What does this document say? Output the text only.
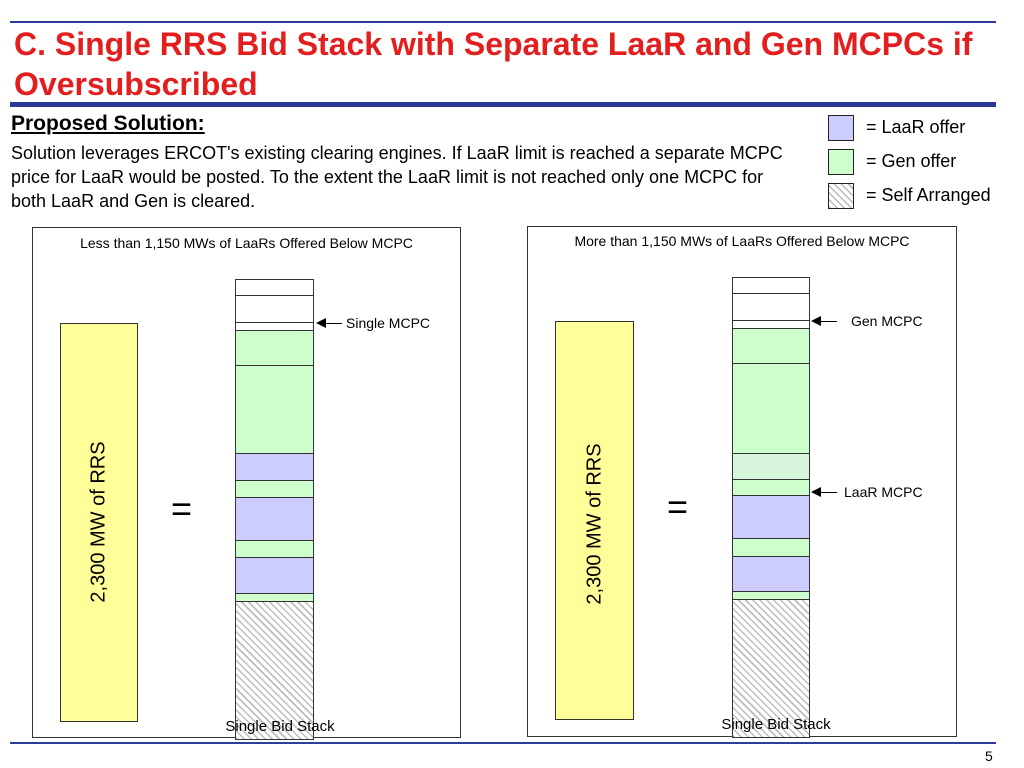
C. Single RRS Bid Stack with Separate LaaR and Gen MCPCs if Oversubscribed
Proposed Solution:
Solution leverages ERCOT's existing clearing engines. If LaaR limit is reached a separate MCPC price for LaaR would be posted. To the extent the LaaR limit is not reached only one MCPC for both LaaR and Gen is cleared.
= LaaR offer
= Gen offer
= Self Arranged
Less than 1,150 MWs of LaaRs Offered Below MCPC
2,300 MW of RRS =
Single MCPC
Single Bid Stack
More than 1,150 MWs of LaaRs Offered Below MCPC
2,300 MW of RRS =
Gen MCPC
LaaR MCPC
Single Bid Stack
5
